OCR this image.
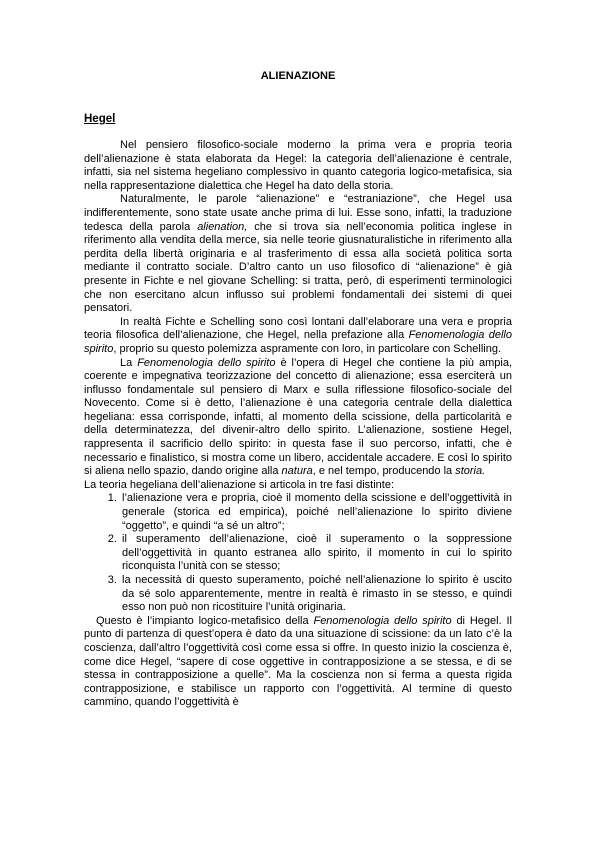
ALIENAZIONE
Hegel

Nel pensiero filosofico-sociale moderno la prima vera e propria teoria dell’alienazione è stata elaborata da Hegel: la categoria dell’alienazione è centrale, infatti, sia nel sistema hegeliano complessivo in quanto categoria logico-metafisica, sia nella rappresentazione dialettica che Hegel ha dato della storia.

Naturalmente, le parole “alienazione” e “estraniazione”, che Hegel usa indifferentemente, sono state usate anche prima di lui. Esse sono, infatti, la traduzione tedesca della parola alienation, che si trova sia nell’economia politica inglese in riferimento alla vendita della merce, sia nelle teorie giusnaturalistiche in riferimento alla perdita della libertà originaria e al trasferimento di essa alla società politica sorta mediante il contratto sociale. D’altro canto un uso filosofico di “alienazione” è già presente in Fichte e nel giovane Schelling: si tratta, però, di esperimenti terminologici che non esercitano alcun influsso sui problemi fondamentali dei sistemi di quei pensatori.

In realtà Fichte e Schelling sono così lontani dall’elaborare una vera e propria teoria filosofica dell’alienazione, che Hegel, nella prefazione alla Fenomenologia dello spirito, proprio su questo polemizza aspramente con loro, in particolare con Schelling.

La Fenomenologia dello spirito è l’opera di Hegel che contiene la più ampia, coerente e impegnativa teorizzazione del concetto di alienazione; essa eserciterà un influsso fondamentale sul pensiero di Marx e sulla riflessione filosofico-sociale del Novecento. Come si è detto, l’alienazione è una categoria centrale della dialettica hegeliana: essa corrisponde, infatti, al momento della scissione, della particolarità e della determinatezza, del divenir-altro dello spirito. L’alienazione, sostiene Hegel, rappresenta il sacrificio dello spirito: in questa fase il suo percorso, infatti, che è necessario e finalistico, si mostra come un libero, accidentale accadere. E così lo spirito si aliena nello spazio, dando origine alla natura, e nel tempo, producendo la storia.

La teoria hegeliana dell’alienazione si articola in tre fasi distinte:

1. l’alienazione vera e propria, cioè il momento della scissione e dell’oggettività in generale (storica ed empirica), poiché nell’alienazione lo spirito diviene “oggetto”, e quindi “a sé un altro”;
2. il superamento dell’alienazione, cioè il superamento o la soppressione dell’oggettività in quanto estranea allo spirito, il momento in cui lo spirito riconquista l’unità con se stesso;
3. la necessità di questo superamento, poiché nell’alienazione lo spirito è uscito da sé solo apparentemente, mentre in realtà è rimasto in se stesso, e quindi esso non può non ricostituire l’unità originaria.

Questo è l’impianto logico-metafisico della Fenomenologia dello spirito di Hegel. Il punto di partenza di quest’opera è dato da una situazione di scissione: da un lato c’è la coscienza, dall’altro l’oggettività così come essa si offre. In questo inizio la coscienza è, come dice Hegel, “sapere di cose oggettive in contrapposizione a se stessa, e di se stessa in contrapposizione a quelle”. Ma la coscienza non si ferma a questa rigida contrapposizione, e stabilisce un rapporto con l’oggettività. Al termine di questo cammino, quando l’oggettività è
